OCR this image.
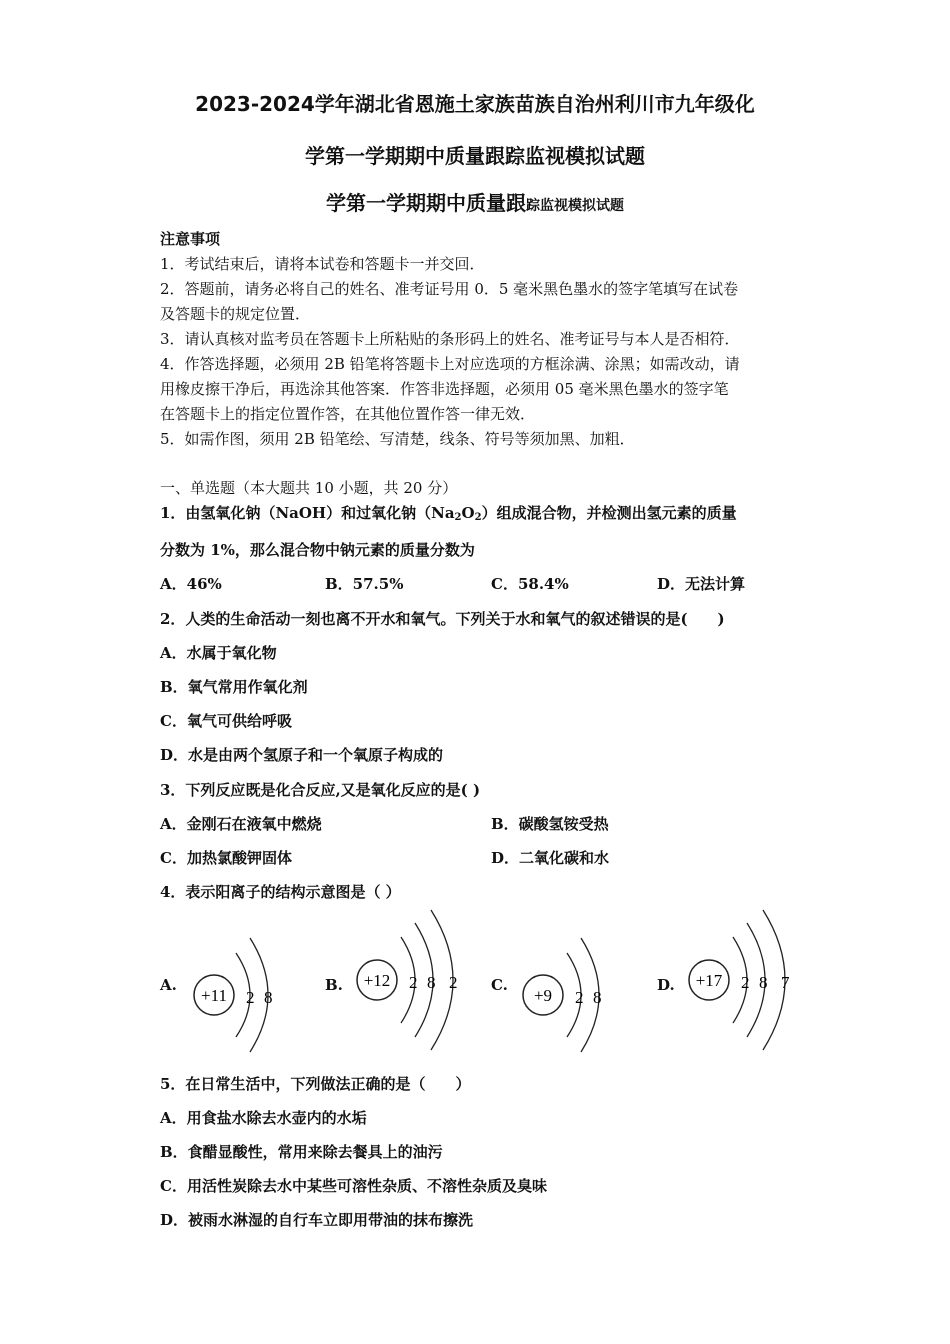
2023-2024学年湖北省恩施土家族苗族自治州利川市九年级化
学第一学期期中质量跟踪监视模拟试题
学第一学期期中质量跟踪监视模拟试题
注意事项
1．考试结束后，请将本试卷和答题卡一并交回．
2．答题前，请务必将自己的姓名、准考证号用 0．5 毫米黑色墨水的签字笔填写在试卷
及答题卡的规定位置．
3．请认真核对监考员在答题卡上所粘贴的条形码上的姓名、准考证号与本人是否相符．
4．作答选择题，必须用 2B 铅笔将答题卡上对应选项的方框涂满、涂黑；如需改动，请
用橡皮擦干净后，再选涂其他答案．作答非选择题，必须用 05 毫米黑色墨水的签字笔
在答题卡上的指定位置作答，在其他位置作答一律无效．
5．如需作图，须用 2B 铅笔绘、写清楚，线条、符号等须加黑、加粗．
一、单选题（本大题共 10 小题，共 20 分）
1．由氢氧化钠（NaOH）和过氧化钠$(Na_2O_2)$组成混合物，并检测出氢元素的质量
分数为 1%，那么混合物中钠元素的质量分数为
A．46%	B．57.5%	C．58.4%	D．无法计算
2．人类的生命活动一刻也离不开水和氧气。下列关于水和氧气的叙述错误的是(　　)
A．水属于氧化物
B．氧气常用作氧化剂
C．氧气可供给呼吸
D．水是由两个氢原子和一个氧原子构成的
3．下列反应既是化合反应,又是氧化反应的是( )
A．金刚石在液氧中燃烧	B．碳酸氢铵受热
C．加热氯酸钾固体	D．二氧化碳和水
4．表示阳离子的结构示意图是（ ）
A.
+11 2 8
B. +12 2 8 2 C.
+9 2 8
D. +17 2 8 7
5．在日常生活中，下列做法正确的是（　　）
A．用食盐水除去水壶内的水垢
B．食醋显酸性，常用来除去餐具上的油污
C．用活性炭除去水中某些可溶性杂质、不溶性杂质及臭味
D．被雨水淋湿的自行车立即用带油的抹布擦洗
